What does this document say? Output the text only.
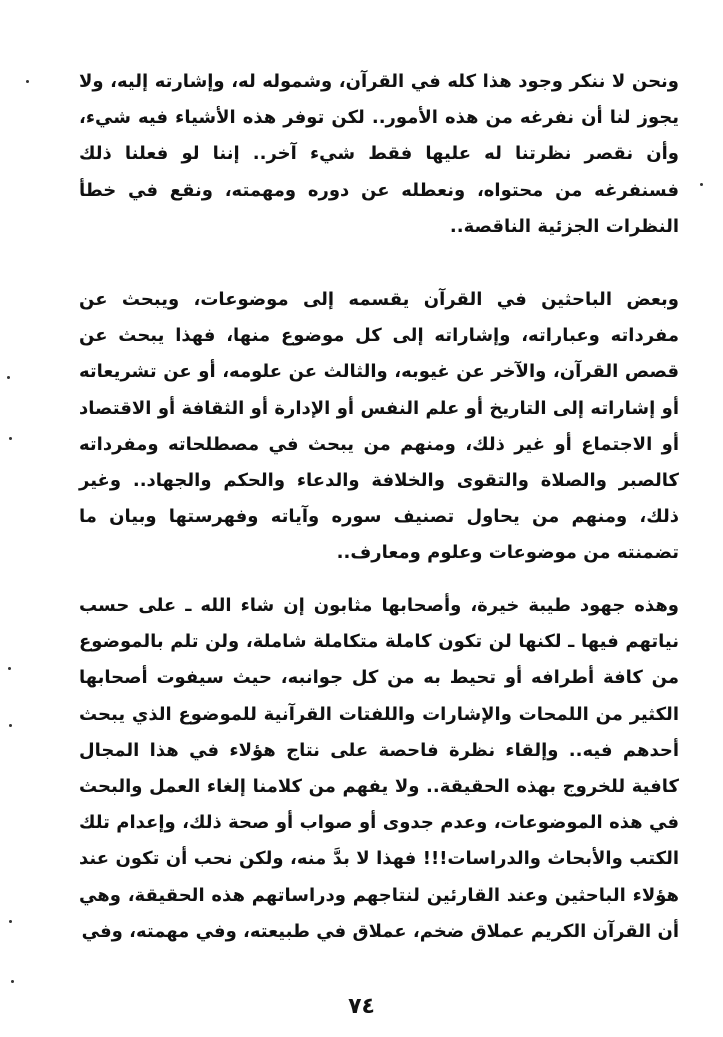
ونحن لا ننكر وجود هذا كله في القرآن، وشموله له، وإشارته إليه، ولا يجوز لنا أن نفرغه من هذه الأمور.. لكن توفر هذه الأشياء فيه شيء، وأن نقصر نظرتنا له عليها فقط شيء آخر.. إننا لو فعلنا ذلك فسنفرغه من محتواه، ونعطله عن دوره ومهمته، ونقع في خطأ النظرات الجزئية الناقصة..

وبعض الباحثين في القرآن يقسمه إلى موضوعات، ويبحث عن مفرداته وعباراته، وإشاراته إلى كل موضوع منها، فهذا يبحث عن قصص القرآن، والآخر عن غيوبه، والثالث عن علومه، أو عن تشريعاته أو إشاراته إلى التاريخ أو علم النفس أو الإدارة أو الثقافة أو الاقتصاد أو الاجتماع أو غير ذلك، ومنهم من يبحث في مصطلحاته ومفرداته كالصبر والصلاة والتقوى والخلافة والدعاء والحكم والجهاد.. وغير ذلك، ومنهم من يحاول تصنيف سوره وآياته وفهرستها وبيان ما تضمنته من موضوعات وعلوم ومعارف..

وهذه جهود طيبة خيرة، وأصحابها مثابون إن شاء الله ـ على حسب نياتهم فيها ـ لكنها لن تكون كاملة متكاملة شاملة، ولن تلم بالموضوع من كافة أطرافه أو تحيط به من كل جوانبه، حيث سيفوت أصحابها الكثير من اللمحات والإشارات واللفتات القرآنية للموضوع الذي يبحث أحدهم فيه.. وإلقاء نظرة فاحصة على نتاج هؤلاء في هذا المجال كافية للخروج بهذه الحقيقة.. ولا يفهم من كلامنا إلغاء العمل والبحث في هذه الموضوعات، وعدم جدوى أو صواب أو صحة ذلك، وإعدام تلك الكتب والأبحاث والدراسات!!! فهذا لا بدَّ منه، ولكن نحب أن تكون عند هؤلاء الباحثين وعند القارئين لنتاجهم ودراساتهم هذه الحقيقة، وهي أن القرآن الكريم عملاق ضخم، عملاق في طبيعته، وفي مهمته، وفي

٧٤
